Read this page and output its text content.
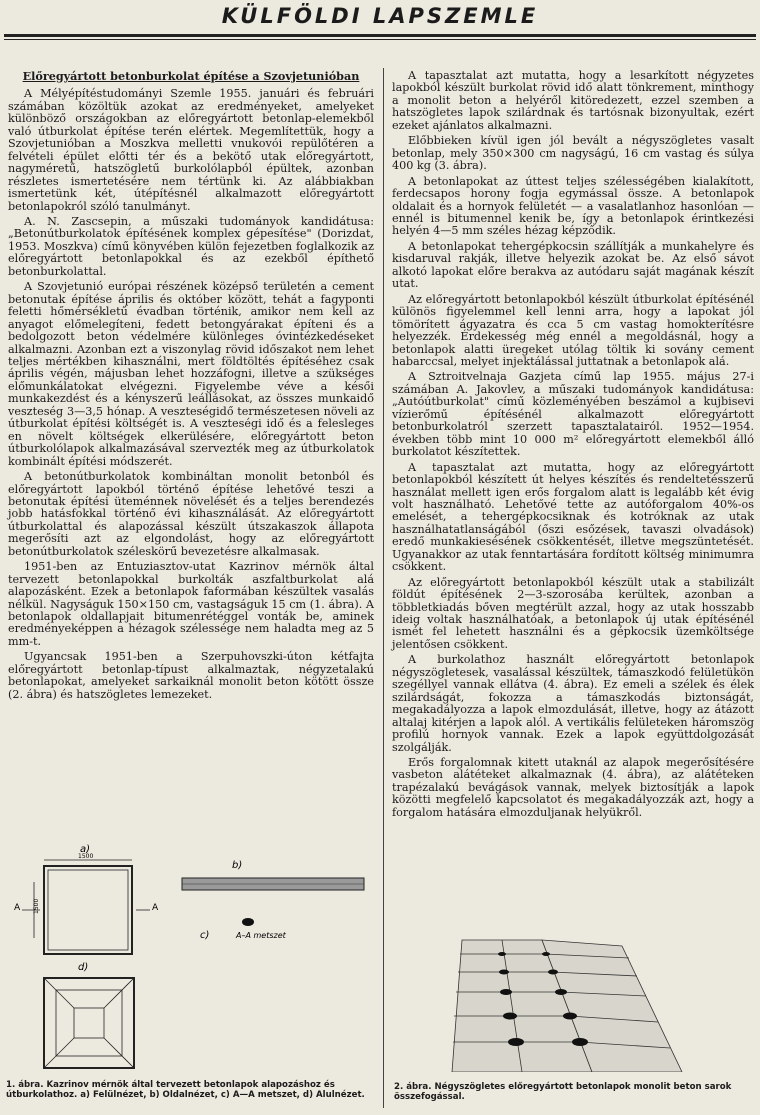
KÜLFÖLDI LAPSZEMLE
Előregyártott betonburkolat építése a Szovjetunióban

A Mélyépítéstudományi Szemle 1955. januári és februári számában közöltük azokat az eredményeket, amelyeket különböző országokban az előregyártott betonlap-elemekből való útburkolat építése terén elértek. Megemlítettük, hogy a Szovjetunióban a Moszkva melletti vnukovói repülőtéren a felvételi épület előtti tér és a bekötő utak előregyártott, nagyméretű, hatszögletű burkolólapból épültek, azonban részletes ismertetésére nem tértünk ki. Az alábbiakban ismertetünk két, útépítésnél alkalmazott előregyártott betonlapokról szóló tanulmányt.

A. N. Zascsepin, a műszaki tudományok kandidátusa: „Betonútburkolatok építésének komplex gépesítése" (Dorizdat, 1953. Moszkva) című könyvében külön fejezetben foglalkozik az előregyártott betonlapokkal és az ezekből építhető betonburkolattal.

A Szovjetunió európai részének középső területén a cement betonutak építése április és október között, tehát a fagyponti feletti hőmérsékletű évadban történik, amikor nem kell az anyagot előmelegíteni, fedett betongyárakat építeni és a bedolgozott beton védelmére különleges óvintézkedéseket alkalmazni. Azonban ezt a viszonylag rövid időszakot nem lehet teljes mértékben kihasználni, mert földtöltés építéséhez csak április végén, májusban lehet hozzáfogni, illetve a szükséges előmunkálatokat elvégezni. Figyelembe véve a késői munkakezdést és a kényszerű leállásokat, az összes munkaidő veszteség 3—3,5 hónap. A veszteségidő természetesen növeli az útburkolat építési költségét is. A veszteségi idő és a felesleges en növelt költségek elkerülésére, előregyártott beton útburkolólapok alkalmazásával szervezték meg az útburkolatok kombinált építési módszerét.

A betonútburkolatok kombináltan monolit betonból és előregyártott lapokból történő építése lehetővé teszi a betonutak építési üteménnek növelését és a teljes berendezés jobb hatásfokkal történő évi kihasználását. Az előregyártott útburkolattal és alapozással készült útszakaszok állapota megerősíti azt az elgondolást, hogy az előregyártott betonútburkolatok széleskörű bevezetésre alkalmasak.

1951-ben az Entuziasztov-utat Kazrinov mérnök által tervezett betonlapokkal burkolták aszfaltburkolat alá alapozásként. Ezek a betonlapok faformában készültek vasalás nélkül. Nagyságuk 150×150 cm, vastagságuk 15 cm (1. ábra). A betonlapok oldallapjait bitumenrétéggel vonták be, aminek eredményeképpen a hézagok szélessége nem haladta meg az 5 mm-t.

Ugyancsak 1951-ben a Szerpuhovszki-úton kétfajta előregyártott betonlap-típust alkalmaztak, négyzetalakú betonlapokat, amelyeket sarkaiknál monolit beton kötött össze (2. ábra) és hatszögletes lemezeket.

A tapasztalat azt mutatta, hogy a lesarkított négyzetes lapokból készült burkolat rövid idő alatt tönkrement, minthogy a monolit beton a helyéről kitöredezett, ezzel szemben a hatszögletes lapok szilárdnak és tartósnak bizonyultak, ezért ezeket ajánlatos alkalmazni.

Előbbieken kívül igen jól bevált a négyszögletes vasalt betonlap, mely 350×300 cm nagyságú, 16 cm vastag és súlya 400 kg (3. ábra).

A betonlapokat az úttest teljes szélességében kialakított, ferdecsapos horony fogja egymással össze. A betonlapok oldalait és a hornyok felületét — a vasalatlanhoz hasonlóan — ennél is bitumennel kenik be, így a betonlapok érintkezési helyén 4—5 mm széles hézag képződik.

A betonlapokat tehergépkocsin szállítják a munkahelyre és kisdaruval rakják, illetve helyezik azokat be. Az első sávot alkotó lapokat előre berakva az autódaru saját magának készít utat.

Az előregyártott betonlapokból készült útburkolat építésénél különös figyelemmel kell lenni arra, hogy a lapokat jól tömörített ágyazatra és cca 5 cm vastag homokterítésre helyezzék. Érdekesség még ennél a megoldásnál, hogy a betonlapok alatti üregeket utólag töltik ki sovány cement habarccsal, melyet injektálással juttatnak a betonlapok alá.

A Sztroitvelnaja Gazjeta című lap 1955. május 27-i számában A. Jakovlev, a műszaki tudományok kandidátusa: „Autóútburkolat" című közleményében beszámol a kujbisevi vízierőmű építésénél alkalmazott előregyártott betonburkolatról szerzett tapasztalatairól. 1952—1954. években több mint 10 000 m² előregyártott elemekből álló burkolatot készítettek.

A tapasztalat azt mutatta, hogy az előregyártott betonlapokból készített út helyes készítés és rendeltetésszerű használat mellett igen erős forgalom alatt is legalább két évig volt használható. Lehetővé tette az autóforgalom 40%-os emelését, a tehergépkocsiknak és kotróknak az utak használhatatlanságából (őszi esőzések, tavaszi olvadások) eredő munkakiesésének csökkentését, illetve megszüntetését. Ugyanakkor az utak fenntartására fordított költség minimumra csökkent.

Az előregyártott betonlapokból készült utak a stabilizált földút építésének 2—3-szorosába kerültek, azonban a többletkiadás bőven megtérült azzal, hogy az utak hosszabb ideig voltak használhatóak, a betonlapok új utak építésénél ismét fel lehetett használni és a gépkocsik üzemköltsége jelentősen csökkent.

A burkolathoz használt előregyártott betonlapok négyszögletesek, vasalással készültek, támaszkodó felületükön szegéllyel vannak ellátva (4. ábra). Ez emeli a szélek és élek szilárdságát, fokozza a támaszkodás biztonságát, megakadályozza a lapok elmozdulását, illetve, hogy az átázott altalaj kitérjen a lapok alól. A vertikális felületeken háromszög profilú hornyok vannak. Ezek a lapok együttdolgozását szolgálják.

Erős forgalomnak kitett utaknál az alapok megerősítésére vasbeton alátéteket alkalmaznak (4. ábra), az alátéteken trapézalakú bevágások vannak, melyek biztosítják a lapok közötti megfelelő kapcsolatot és megakadályozzák azt, hogy a forgalom hatására elmozduljanak helyükről.

a)
1500
1500
A	A
b)
c)	A–A metszet
d)
1. ábra. Kazrinov mérnök által tervezett betonlapok alapozáshoz és útburkolathoz. a) Felülnézet, b) Oldalnézet, c) A—A metszet, d) Alulnézet.
2. ábra. Négyszögletes előregyártott betonlapok monolit beton sarok összefogással.
